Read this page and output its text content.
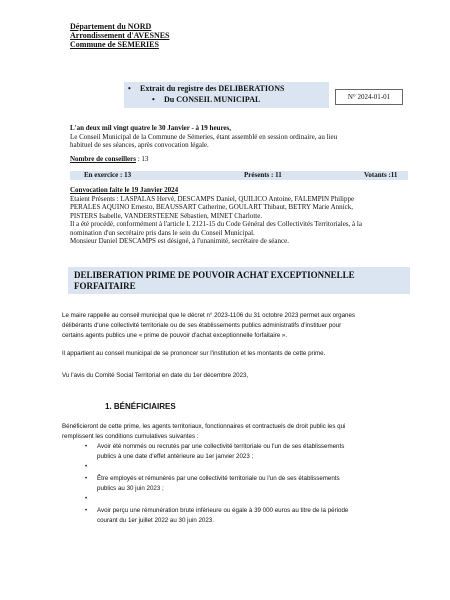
Département du NORD
Arrondissement d'AVESNES
Commune de SEMERIES
• Extrait du registre des DELIBERATIONS
• Du CONSEIL MUNICIPAL	N° 2024-01-01
L'an deux mil vingt quatre le 30 Janvier - à 19 heures,
Le Conseil Municipal de la Commune de Sémeries, étant assemblé en session ordinaire, au lieu
habituel de ses séances, après convocation légale.
Nombre de conseillers : 13
En exercice : 13	Présents : 11	Votants :11
Convocation faite le 19 Janvier 2024
Etaient Présents : LASPALAS Hervé, DESCAMPS Daniel, QUILICO Antoine, FALEMPIN Philippe
PERALES AQUINO Ernesto, BEAUSSART Catherine, GOULART Thibaut, BETRY Marie Annick,
PISTERS Isabelle, VANDERSTEENE Sébastien, MINET Charlotte.
Il a été procédé, conformément à l'article L 2121-15 du Code Général des Collectivités Territoriales, à la
nomination d'un secrétaire pris dans le sein du Conseil Municipal.
Monsieur Daniel DESCAMPS est désigné, à l'unanimité, secrétaire de séance.
DELIBERATION PRIME DE POUVOIR ACHAT EXCEPTIONNELLE
FORFAITAIRE
Le maire rappelle au conseil municipal que le décret n° 2023-1106 du 31 octobre 2023 permet aux organes
délibérants d'une collectivité territoriale ou de ses établissements publics administratifs d'instituer pour
certains agents publics une « prime de pouvoir d'achat exceptionnelle forfaitaire ».
Il appartient au conseil municipal de se prononcer sur l'institution et les montants de cette prime.
Vu l'avis du Comité Social Territorial en date du 1er décembre 2023,
1. BÉNÉFICIAIRES
Bénéficieront de cette prime, les agents territoriaux, fonctionnaires et contractuels de droit public les qui
remplissent les conditions cumulatives suivantes :
• Avoir été nommés ou recrutés par une collectivité territoriale ou l'un de ses établissements
publics à une date d'effet antérieure au 1er janvier 2023 ;
•
• Être employés et rémunérés par une collectivité territoriale ou l'un de ses établissements
publics au 30 juin 2023 ;
•
• Avoir perçu une rémunération brute inférieure ou égale à 39 000 euros au titre de la période
courant du 1er juillet 2022 au 30 juin 2023.
